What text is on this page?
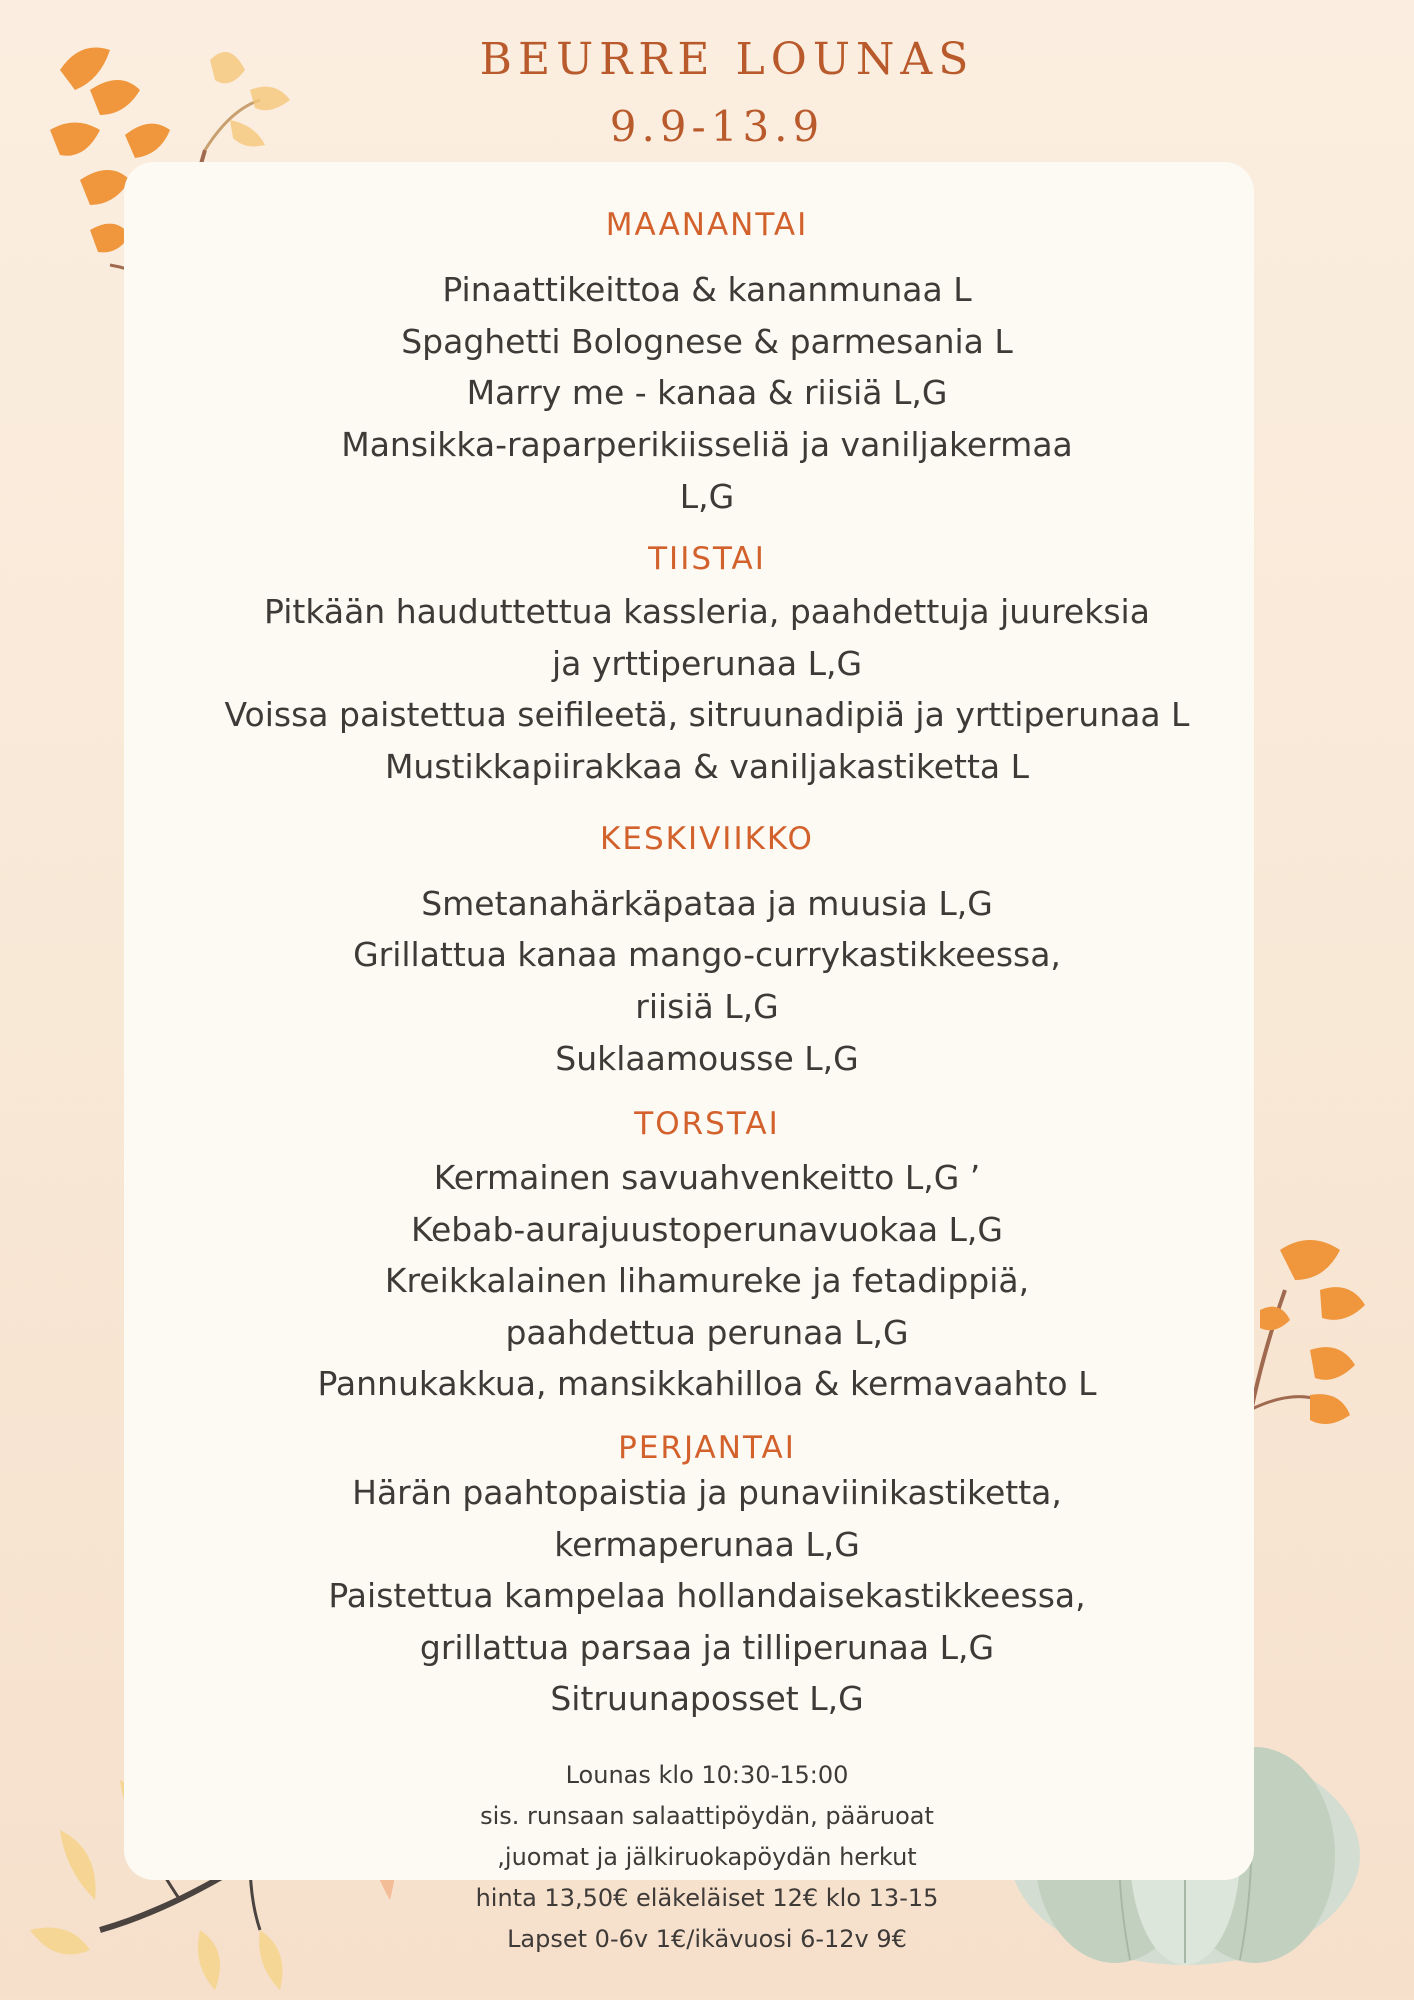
BEURRE LOUNAS
9.9-13.9
MAANANTAI
Pinaattikeittoa & kananmunaa L
Spaghetti Bolognese & parmesania L
Marry me - kanaa & riisiä L,G
Mansikka-raparperikiisseliä ja vaniljakermaa
L,G
TIISTAI
Pitkään hauduttettua kassleria, paahdettuja juureksia
ja yrttiperunaa L,G
Voissa paistettua seifileetä, sitruunadipiä ja yrttiperunaa L
Mustikkapiirakkaa & vaniljakastiketta L
KESKIVIIKKO
Smetanahärkäpataa ja muusia L,G
Grillattua kanaa mango-currykastikkeessa,
riisiä L,G
Suklaamousse L,G
TORSTAI
Kermainen savuahvenkeitto L,G ’
Kebab-aurajuustoperunavuokaa L,G
Kreikkalainen lihamureke ja fetadippiä,
paahdettua perunaa L,G
Pannukakkua, mansikkahilloa & kermavaahto L
PERJANTAI
Härän paahtopaistia ja punaviinikastiketta,
kermaperunaa L,G
Paistettua kampelaa hollandaisekastikkeessa,
grillattua parsaa ja tilliperunaa L,G
Sitruunaposset L,G
Lounas klo 10:30-15:00
sis. runsaan salaattipöydän, pääruoat
,juomat ja jälkiruokapöydän herkut
hinta 13,50€ eläkeläiset 12€ klo 13-15
Lapset 0-6v 1€/ikävuosi 6-12v 9€
